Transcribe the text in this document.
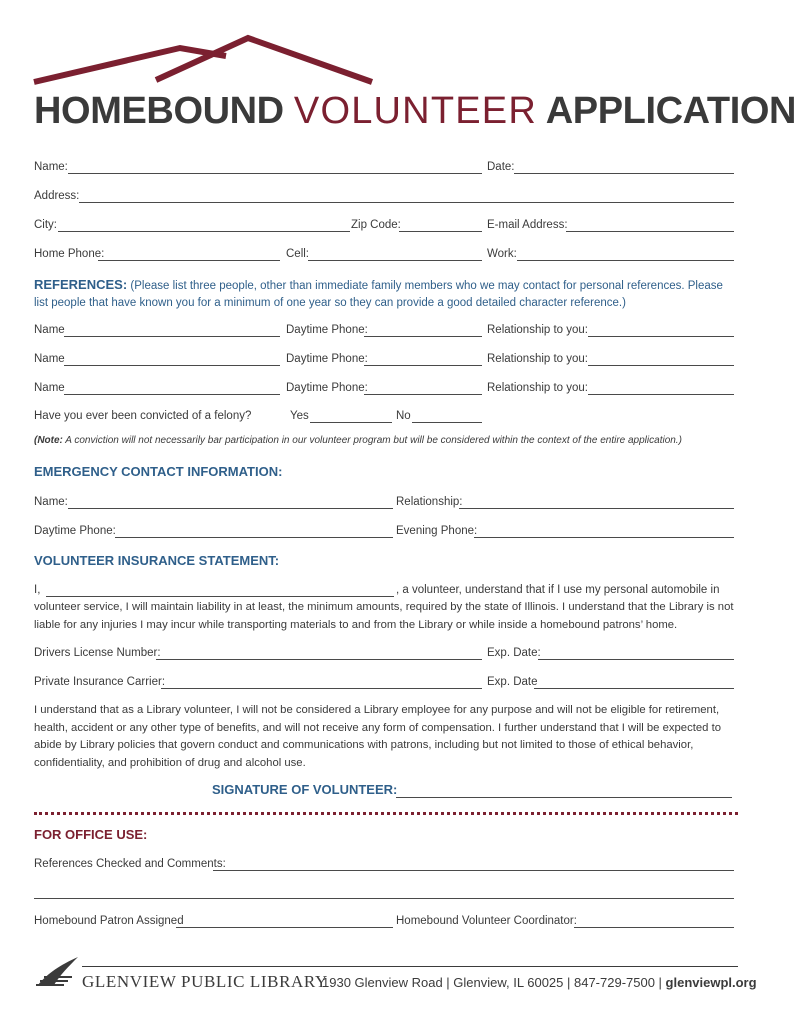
HOMEBOUND VOLUNTEER APPLICATION
Name:	Date:
Address:
City:	Zip Code:	E-mail Address:
Home Phone:	Cell:	Work:
REFERENCES: (Please list three people, other than immediate family members who we may contact for personal references. Please list people that have known you for a minimum of one year so they can provide a good detailed character reference.)
Name	Daytime Phone:	Relationship to you:
Name	Daytime Phone:	Relationship to you:
Name	Daytime Phone:	Relationship to you:
Have you ever been convicted of a felony?	Yes	No
(Note: A conviction will not necessarily bar participation in our volunteer program but will be considered within the context of the entire application.)
EMERGENCY CONTACT INFORMATION:
Name:	Relationship:
Daytime Phone:	Evening Phone:
VOLUNTEER INSURANCE STATEMENT:
I,	, a volunteer, understand that if I use my personal automobile in
volunteer service, I will maintain liability in at least, the minimum amounts, required by the state of Illinois. I understand that the Library is not liable for any injuries I may incur while transporting materials to and from the Library or while inside a homebound patrons’ home.
Drivers License Number:	Exp. Date:
Private Insurance Carrier:	Exp. Date
I understand that as a Library volunteer, I will not be considered a Library employee for any purpose and will not be eligible for retirement, health, accident or any other type of benefits, and will not receive any form of compensation. I further understand that I will be expected to abide by Library policies that govern conduct and communications with patrons, including but not limited to those of ethical behavior, confidentiality, and prohibition of drug and alcohol use.
SIGNATURE OF VOLUNTEER:
FOR OFFICE USE:
References Checked and Comments:
Homebound Patron Assigned	Homebound Volunteer Coordinator:
GLENVIEW PUBLIC LIBRARY
1930 Glenview Road | Glenview, IL 60025 | 847-729-7500 | glenviewpl.org
